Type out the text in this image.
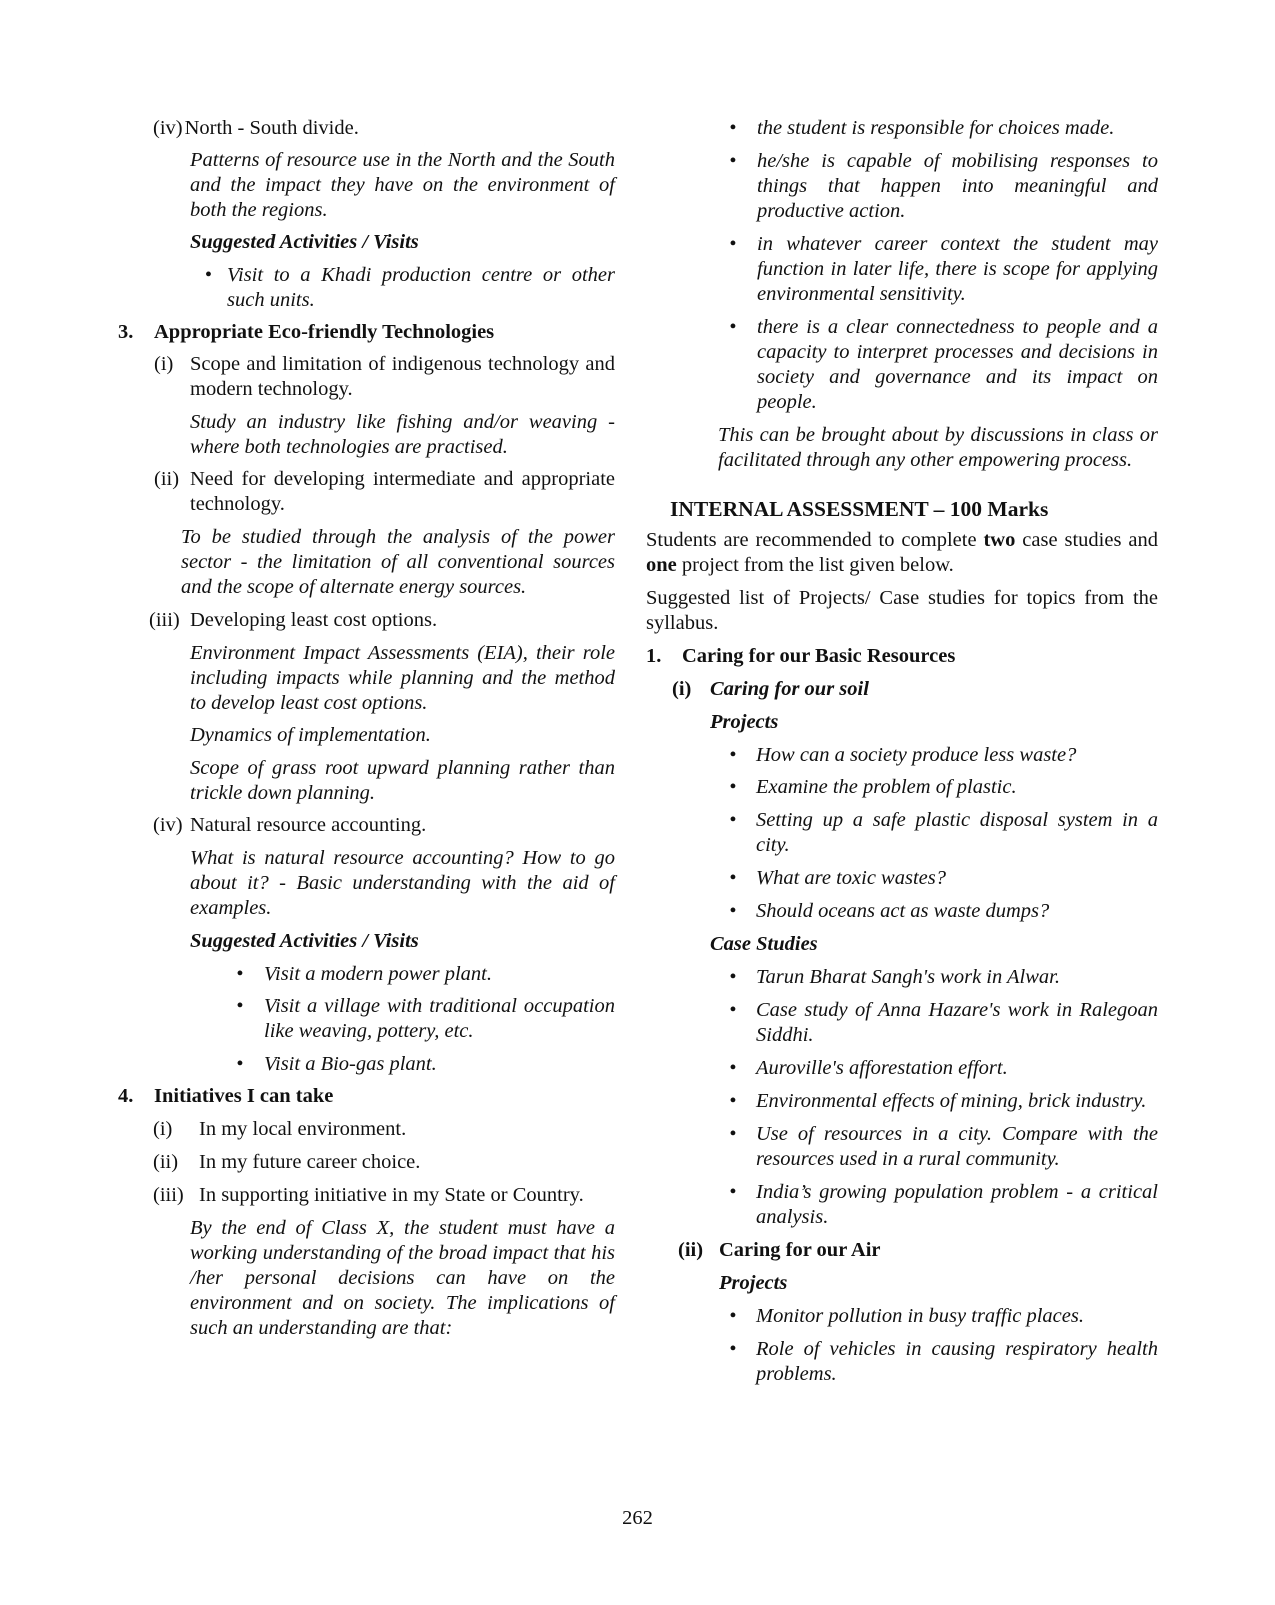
(iv) North - South divide.

Patterns of resource use in the North and the South and the impact they have on the environment of both the regions.

Suggested Activities / Visits

• Visit to a Khadi production centre or other such units.
3.	Appropriate Eco-friendly Technologies
(i) Scope and limitation of indigenous technology and modern technology.

Study an industry like fishing and/or weaving - where both technologies are practised.

(ii) Need for developing intermediate and appropriate technology.

To be studied through the analysis of the power sector - the limitation of all conventional sources and the scope of alternate energy sources.

(iii) Developing least cost options.

Environment Impact Assessments (EIA), their role including impacts while planning and the method to develop least cost options.

Dynamics of implementation.

Scope of grass root upward planning rather than trickle down planning.

(iv) Natural resource accounting.

What is natural resource accounting? How to go about it? - Basic understanding with the aid of examples.

Suggested Activities / Visits

• Visit a modern power plant.
• Visit a village with traditional occupation like weaving, pottery, etc.
• Visit a Bio-gas plant.
4.	Initiatives I can take
(i)	In my local environment.
(ii)	In my future career choice.
(iii) In supporting initiative in my State or Country.

By the end of Class X, the student must have a working understanding of the broad impact that his /her personal decisions can have on the environment and on society. The implications of such an understanding are that:

• the student is responsible for choices made.
• he/she is capable of mobilising responses to things that happen into meaningful and productive action.
• in whatever career context the student may function in later life, there is scope for applying environmental sensitivity.
• there is a clear connectedness to people and a capacity to interpret processes and decisions in society and governance and its impact on people.

This can be brought about by discussions in class or facilitated through any other empowering process.

INTERNAL ASSESSMENT – 100 Marks

Students are recommended to complete two case studies and one project from the list given below.

Suggested list of Projects/ Case studies for topics from the syllabus.

1.	Caring for our Basic Resources
(i) Caring for our soil

Projects

• How can a society produce less waste?
• Examine the problem of plastic.
• Setting up a safe plastic disposal system in a city.
• What are toxic wastes?
• Should oceans act as waste dumps?

Case Studies

• Tarun Bharat Sangh's work in Alwar.
• Case study of Anna Hazare's work in Ralegoan Siddhi.
• Auroville's afforestation effort.
• Environmental effects of mining, brick industry.
• Use of resources in a city. Compare with the resources used in a rural community.
• India’s growing population problem - a critical analysis.
(ii) Caring for our Air

Projects

• Monitor pollution in busy traffic places.
• Role of vehicles in causing respiratory health problems.
262
